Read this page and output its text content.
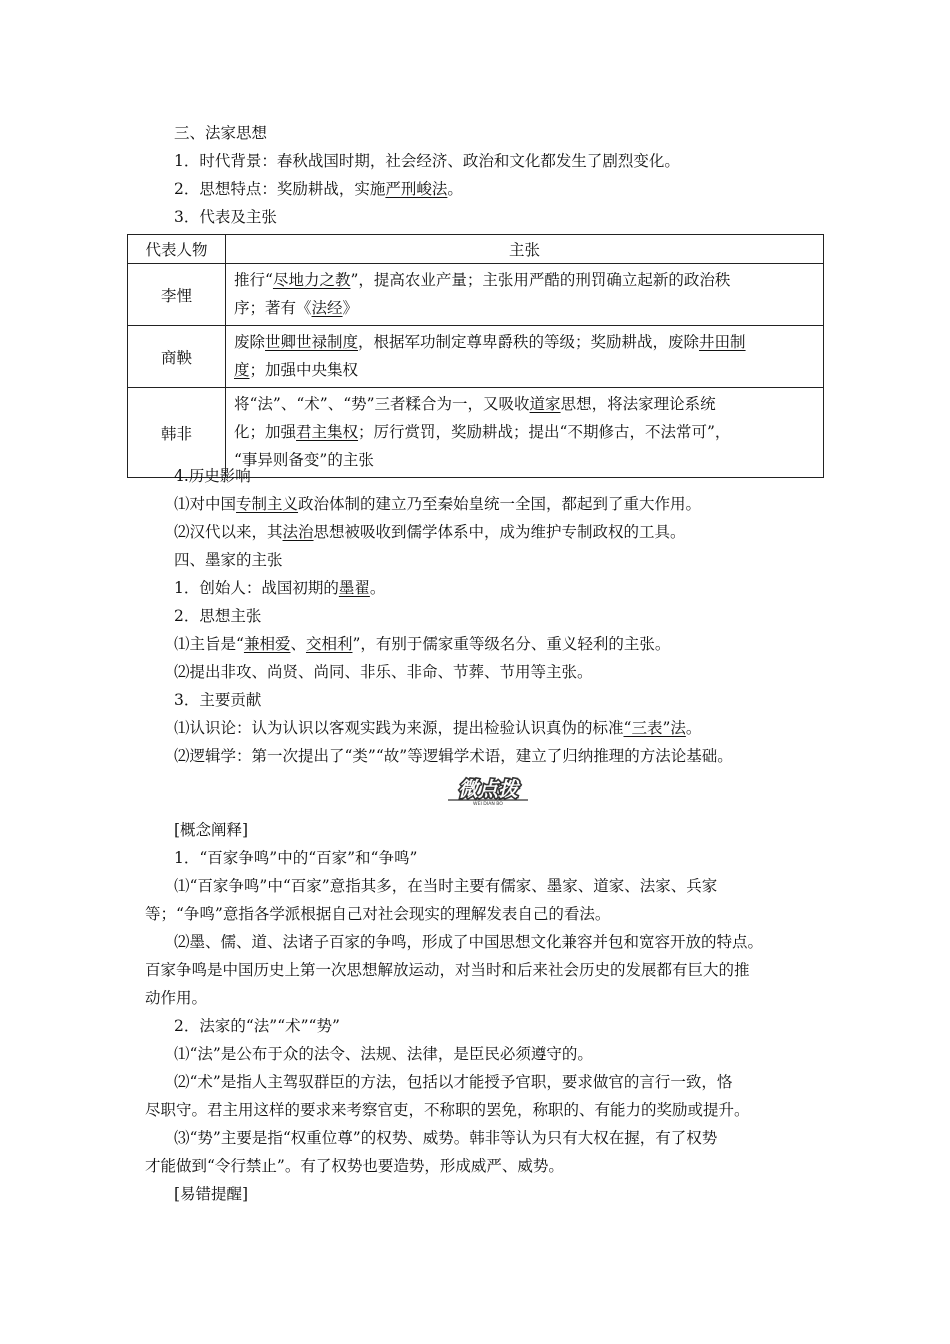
三、法家思想
1．时代背景：春秋战国时期，社会经济、政治和文化都发生了剧烈变化。
2．思想特点：奖励耕战，实施严刑峻法。
3．代表及主张
代表人物	主张
李悝	推行“尽地力之教”，提高农业产量；主张用严酷的刑罚确立起新的政治秩
序；著有《法经》
商鞅	废除世卿世禄制度，根据军功制定尊卑爵秩的等级；奖励耕战，废除井田制
度；加强中央集权
韩非	将“法”、“术”、“势”三者糅合为一，又吸收道家思想，将法家理论系统
化；加强君主集权；厉行赏罚，奖励耕战；提出“不期修古，不法常可”，
“事异则备变”的主张
4.历史影响
⑴对中国专制主义政治体制的建立乃至秦始皇统一全国，都起到了重大作用。
⑵汉代以来，其法治思想被吸收到儒学体系中，成为维护专制政权的工具。
四、墨家的主张
1．创始人：战国初期的墨翟。
2．思想主张
⑴主旨是“兼相爱、交相利”，有别于儒家重等级名分、重义轻利的主张。
⑵提出非攻、尚贤、尚同、非乐、非命、节葬、节用等主张。
3．主要贡献
⑴认识论：认为认识以客观实践为来源，提出检验认识真伪的标准“三表”法。
⑵逻辑学：第一次提出了“类”“故”等逻辑学术语，建立了归纳推理的方法论基础。
微点拨
WEI DIAN BO
[概念阐释]
1．“百家争鸣”中的“百家”和“争鸣”
⑴“百家争鸣”中“百家”意指其多，在当时主要有儒家、墨家、道家、法家、兵家
等；“争鸣”意指各学派根据自己对社会现实的理解发表自己的看法。
⑵墨、儒、道、法诸子百家的争鸣，形成了中国思想文化兼容并包和宽容开放的特点。
百家争鸣是中国历史上第一次思想解放运动，对当时和后来社会历史的发展都有巨大的推
动作用。
2．法家的“法”“术”“势”
⑴“法”是公布于众的法令、法规、法律，是臣民必须遵守的。
⑵“术”是指人主驾驭群臣的方法，包括以才能授予官职，要求做官的言行一致，恪
尽职守。君主用这样的要求来考察官吏，不称职的罢免，称职的、有能力的奖励或提升。
⑶“势”主要是指“权重位尊”的权势、威势。韩非等认为只有大权在握，有了权势
才能做到“令行禁止”。有了权势也要造势，形成威严、威势。
[易错提醒]
